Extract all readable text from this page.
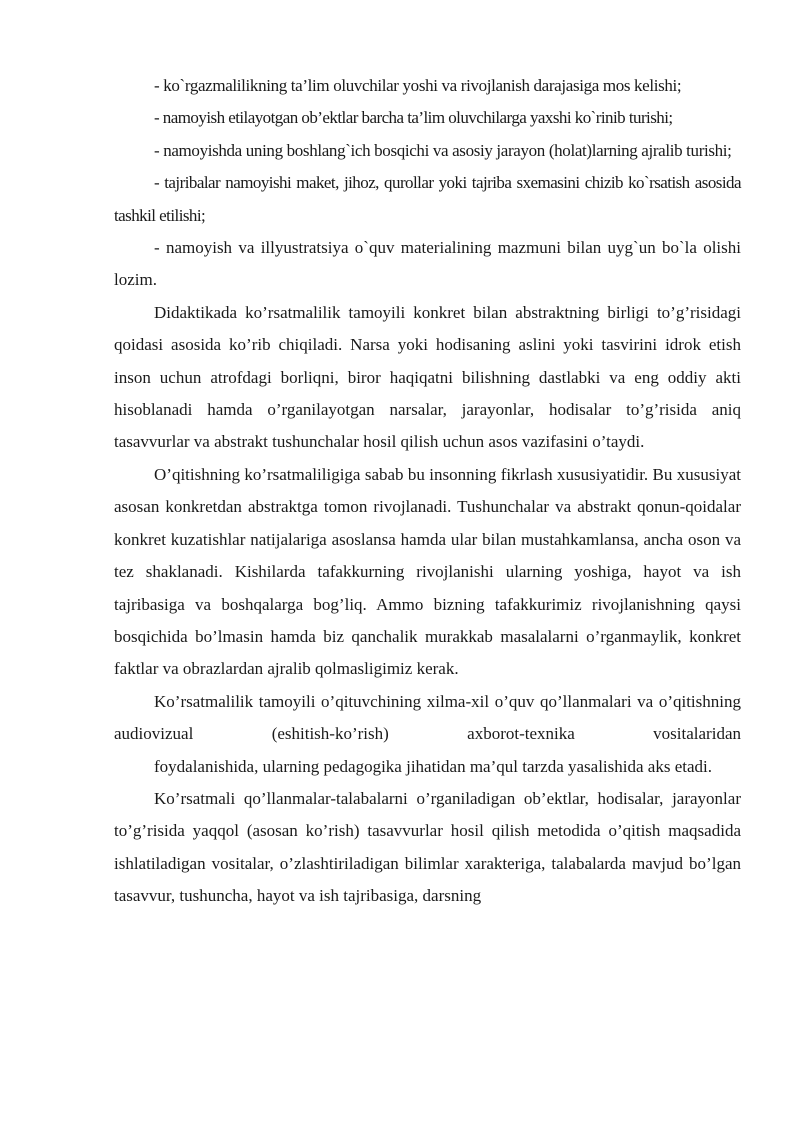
- ko`rgazmalilikning ta’lim oluvchilar yoshi va rivojlanish darajasiga mos kelishi;

- namoyish etilayotgan ob’ektlar barcha ta’lim oluvchilarga yaxshi ko`rinib turishi;

- namoyishda uning boshlang`ich bosqichi va asosiy jarayon (holat)larning ajralib turishi;

- tajribalar namoyishi maket, jihoz, qurollar yoki tajriba sxemasini chizib ko`rsatish asosida tashkil etilishi;

- namoyish va illyustratsiya o`quv materialining mazmuni bilan uyg`un bo`la olishi lozim.

Didaktikada ko’rsatmalilik tamoyili konkret bilan abstraktning birligi to’g’risidagi qoidasi asosida ko’rib chiqiladi. Narsa yoki hodisaning aslini yoki tasvirini idrok etish inson uchun atrofdagi borliqni, biror haqiqatni bilishning dastlabki va eng oddiy akti hisoblanadi hamda o’rganilayotgan narsalar, jarayonlar, hodisalar to’g’risida aniq tasavvurlar va abstrakt tushunchalar hosil qilish uchun asos vazifasini o’taydi.

O’qitishning ko’rsatmaliligiga sabab bu insonning fikrlash xususiyatidir. Bu xususiyat asosan konkretdan abstraktga tomon rivojlanadi. Tushunchalar va abstrakt qonun-qoidalar konkret kuzatishlar natijalariga asoslansa hamda ular bilan mustahkamlansa, ancha oson va tez shaklanadi. Kishilarda tafakkurning rivojlanishi ularning yoshiga, hayot va ish tajribasiga va boshqalarga bog’liq. Ammo bizning tafakkurimiz rivojlanishning qaysi bosqichida bo’lmasin hamda biz qanchalik murakkab masalalarni o’rganmaylik, konkret faktlar va obrazlardan ajralib qolmasligimiz kerak.

Ko’rsatmalilik tamoyili o’qituvchining xilma-xil o’quv qo’llanmalari va o’qitishning audiovizual (eshitish-ko’rish) axborot-texnika vositalaridan

foydalanishida, ularning pedagogika jihatidan ma’qul tarzda yasalishida aks etadi.

Ko’rsatmali qo’llanmalar-talabalarni o’rganiladigan ob’ektlar, hodisalar, jarayonlar to’g’risida yaqqol (asosan ko’rish) tasavvurlar hosil qilish metodida o’qitish maqsadida ishlatiladigan vositalar, o’zlashtiriladigan bilimlar xarakteriga, talabalarda mavjud bo’lgan tasavvur, tushuncha, hayot va ish tajribasiga, darsning
